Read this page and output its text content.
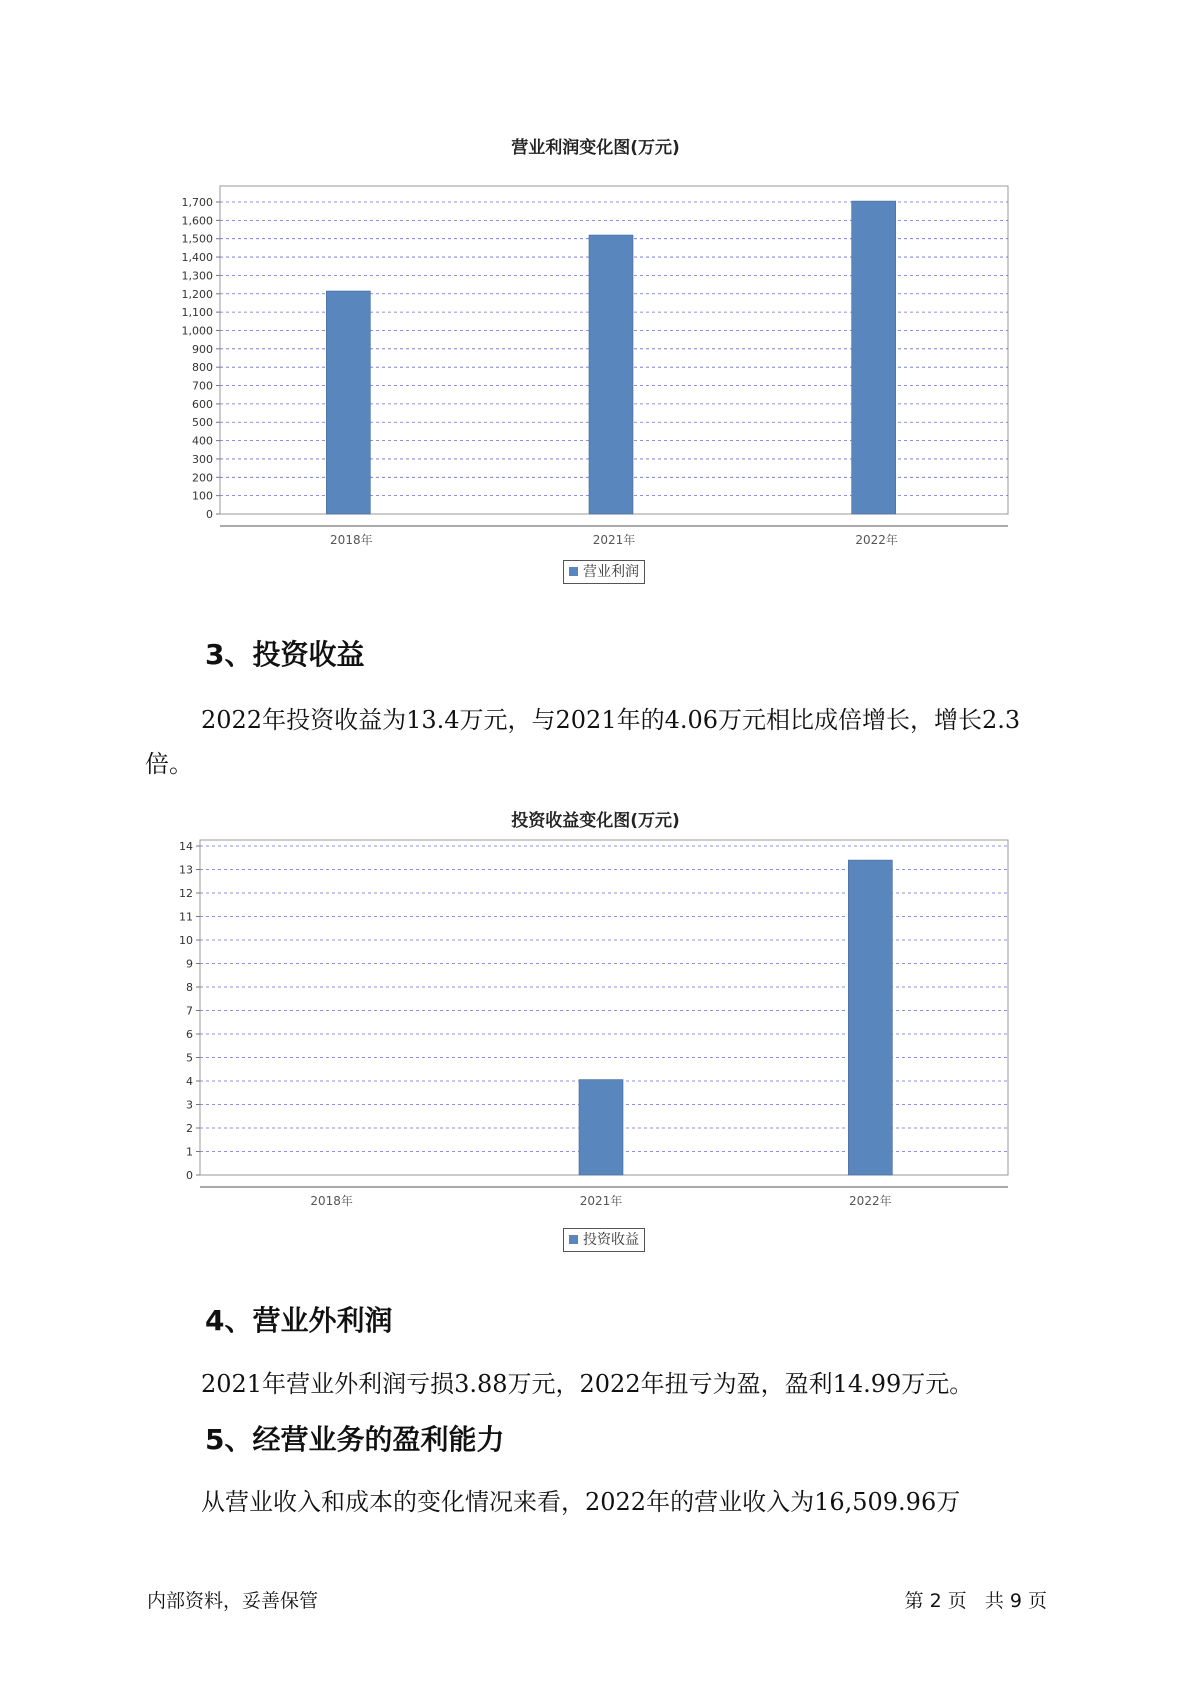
营业利润变化图(万元)
0
100
200
300
400
500
600
700
800
900
1,000
1,100
1,200
1,300
1,400
1,500
1,600
1,700
2018年	2021年	2022年
营业利润
3、投资收益
2022年投资收益为13.4万元，与2021年的4.06万元相比成倍增长，增长2.3倍。
投资收益变化图(万元)
0
1
2
3
4
5
6
7
8
9
10
11
12
13
14
2018年	2021年	2022年
投资收益
4、营业外利润
2021年营业外利润亏损3.88万元，2022年扭亏为盈，盈利14.99万元。
5、经营业务的盈利能力
从营业收入和成本的变化情况来看，2022年的营业收入为16,509.96万
内部资料，妥善保管	第 2 页   共 9 页
